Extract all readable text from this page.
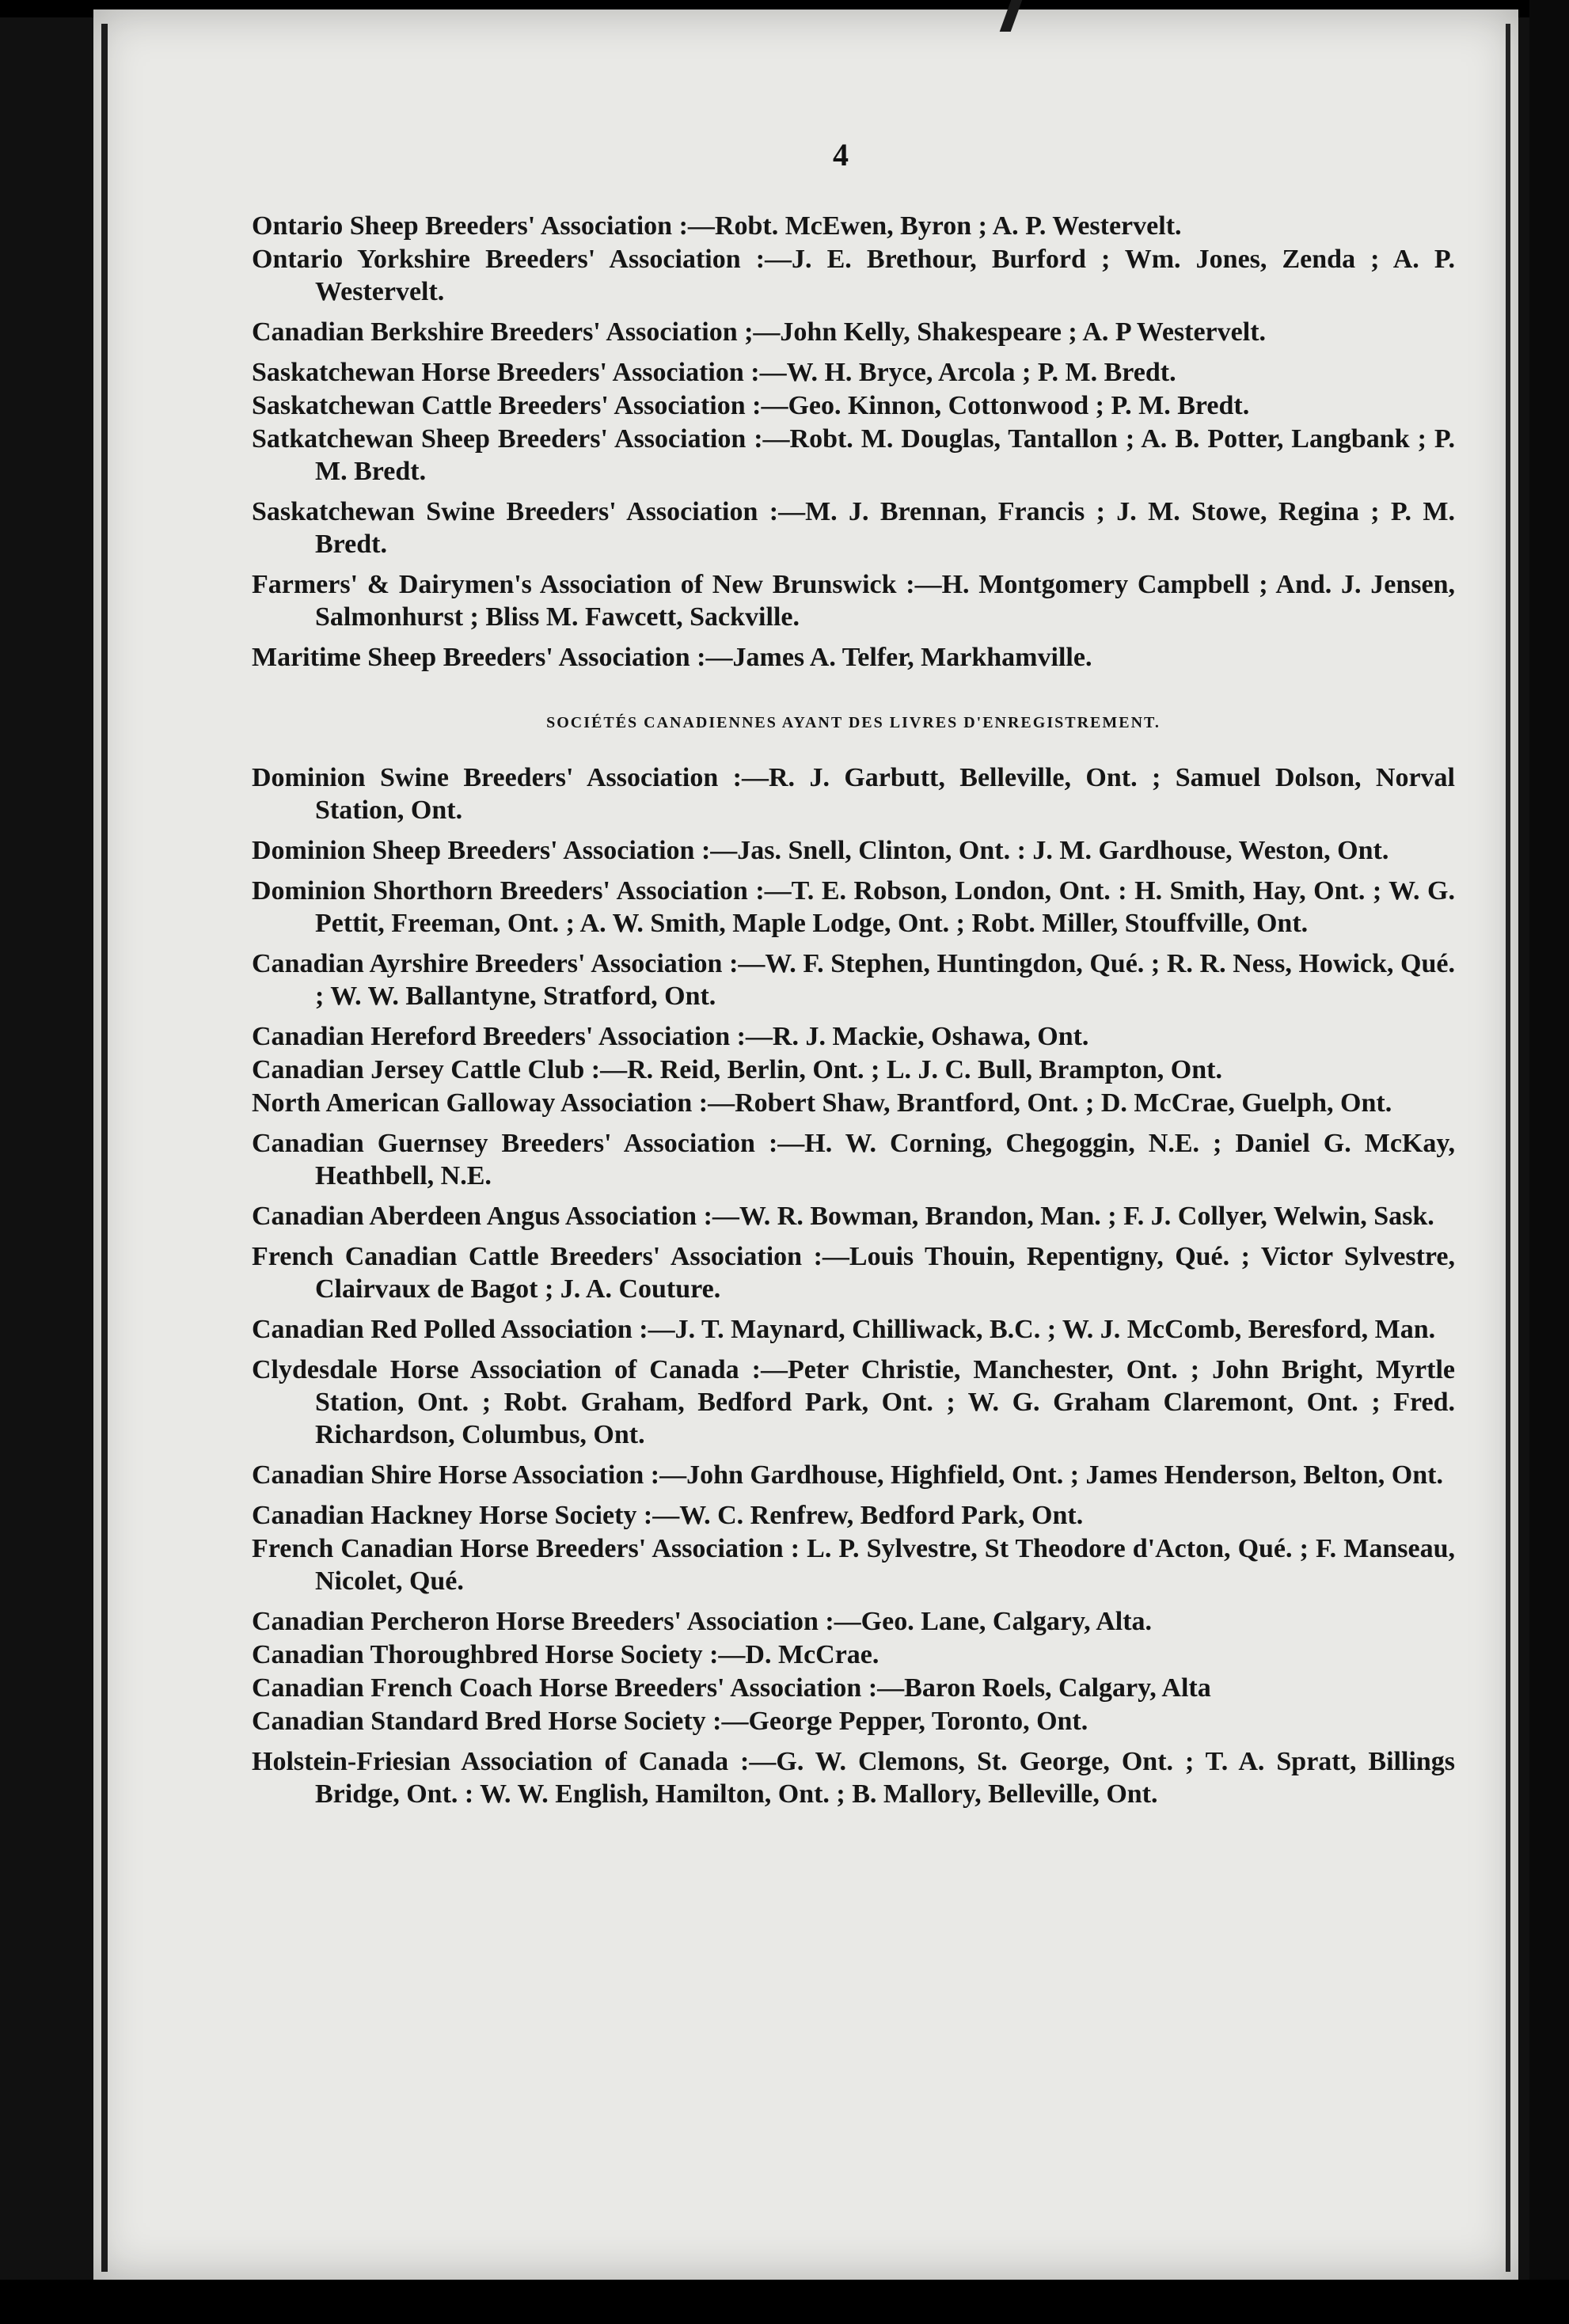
4

Ontario Sheep Breeders' Association :—Robt. McEwen, Byron ; A. P. Westervelt.

Ontario Yorkshire Breeders' Association :—J. E. Brethour, Burford ; Wm. Jones, Zenda ; A. P. Westervelt.

Canadian Berkshire Breeders' Association ;—John Kelly, Shakespeare ; A. P Westervelt.

Saskatchewan Horse Breeders' Association :—W. H. Bryce, Arcola ; P. M. Bredt.

Saskatchewan Cattle Breeders' Association :—Geo. Kinnon, Cottonwood ; P. M. Bredt.

Satkatchewan Sheep Breeders' Association :—Robt. M. Douglas, Tantallon ; A. B. Potter, Langbank ; P. M. Bredt.

Saskatchewan Swine Breeders' Association :—M. J. Brennan, Francis ; J. M. Stowe, Regina ; P. M. Bredt.

Farmers' & Dairymen's Association of New Brunswick :—H. Montgomery Campbell ; And. J. Jensen, Salmonhurst ; Bliss M. Fawcett, Sackville.

Maritime Sheep Breeders' Association :—James A. Telfer, Markhamville.

SOCIÉTÉS CANADIENNES AYANT DES LIVRES D'ENREGISTREMENT.

Dominion Swine Breeders' Association :—R. J. Garbutt, Belleville, Ont. ; Samuel Dolson, Norval Station, Ont.

Dominion Sheep Breeders' Association :—Jas. Snell, Clinton, Ont. : J. M. Gardhouse, Weston, Ont.

Dominion Shorthorn Breeders' Association :—T. E. Robson, London, Ont. : H. Smith, Hay, Ont. ; W. G. Pettit, Freeman, Ont. ; A. W. Smith, Maple Lodge, Ont. ; Robt. Miller, Stouffville, Ont.

Canadian Ayrshire Breeders' Association :—W. F. Stephen, Huntingdon, Qué. ; R. R. Ness, Howick, Qué. ; W. W. Ballantyne, Stratford, Ont.

Canadian Hereford Breeders' Association :—R. J. Mackie, Oshawa, Ont.

Canadian Jersey Cattle Club :—R. Reid, Berlin, Ont. ; L. J. C. Bull, Brampton, Ont.

North American Galloway Association :—Robert Shaw, Brantford, Ont. ; D. McCrae, Guelph, Ont.

Canadian Guernsey Breeders' Association :—H. W. Corning, Chegoggin, N.E. ; Daniel G. McKay, Heathbell, N.E.

Canadian Aberdeen Angus Association :—W. R. Bowman, Brandon, Man. ; F. J. Collyer, Welwin, Sask.

French Canadian Cattle Breeders' Association :—Louis Thouin, Repentigny, Qué. ; Victor Sylvestre, Clairvaux de Bagot ; J. A. Couture.

Canadian Red Polled Association :—J. T. Maynard, Chilliwack, B.C. ; W. J. McComb, Beresford, Man.

Clydesdale Horse Association of Canada :—Peter Christie, Manchester, Ont. ; John Bright, Myrtle Station, Ont. ; Robt. Graham, Bedford Park, Ont. ; W. G. Graham Claremont, Ont. ; Fred. Richardson, Columbus, Ont.

Canadian Shire Horse Association :—John Gardhouse, Highfield, Ont. ; James Henderson, Belton, Ont.

Canadian Hackney Horse Society :—W. C. Renfrew, Bedford Park, Ont.

French Canadian Horse Breeders' Association : L. P. Sylvestre, St Theodore d'Acton, Qué. ; F. Manseau, Nicolet, Qué.

Canadian Percheron Horse Breeders' Association :—Geo. Lane, Calgary, Alta.

Canadian Thoroughbred Horse Society :—D. McCrae.

Canadian French Coach Horse Breeders' Association :—Baron Roels, Calgary, Alta

Canadian Standard Bred Horse Society :—George Pepper, Toronto, Ont.

Holstein-Friesian Association of Canada :—G. W. Clemons, St. George, Ont. ; T. A. Spratt, Billings Bridge, Ont. : W. W. English, Hamilton, Ont. ; B. Mallory, Belleville, Ont.
